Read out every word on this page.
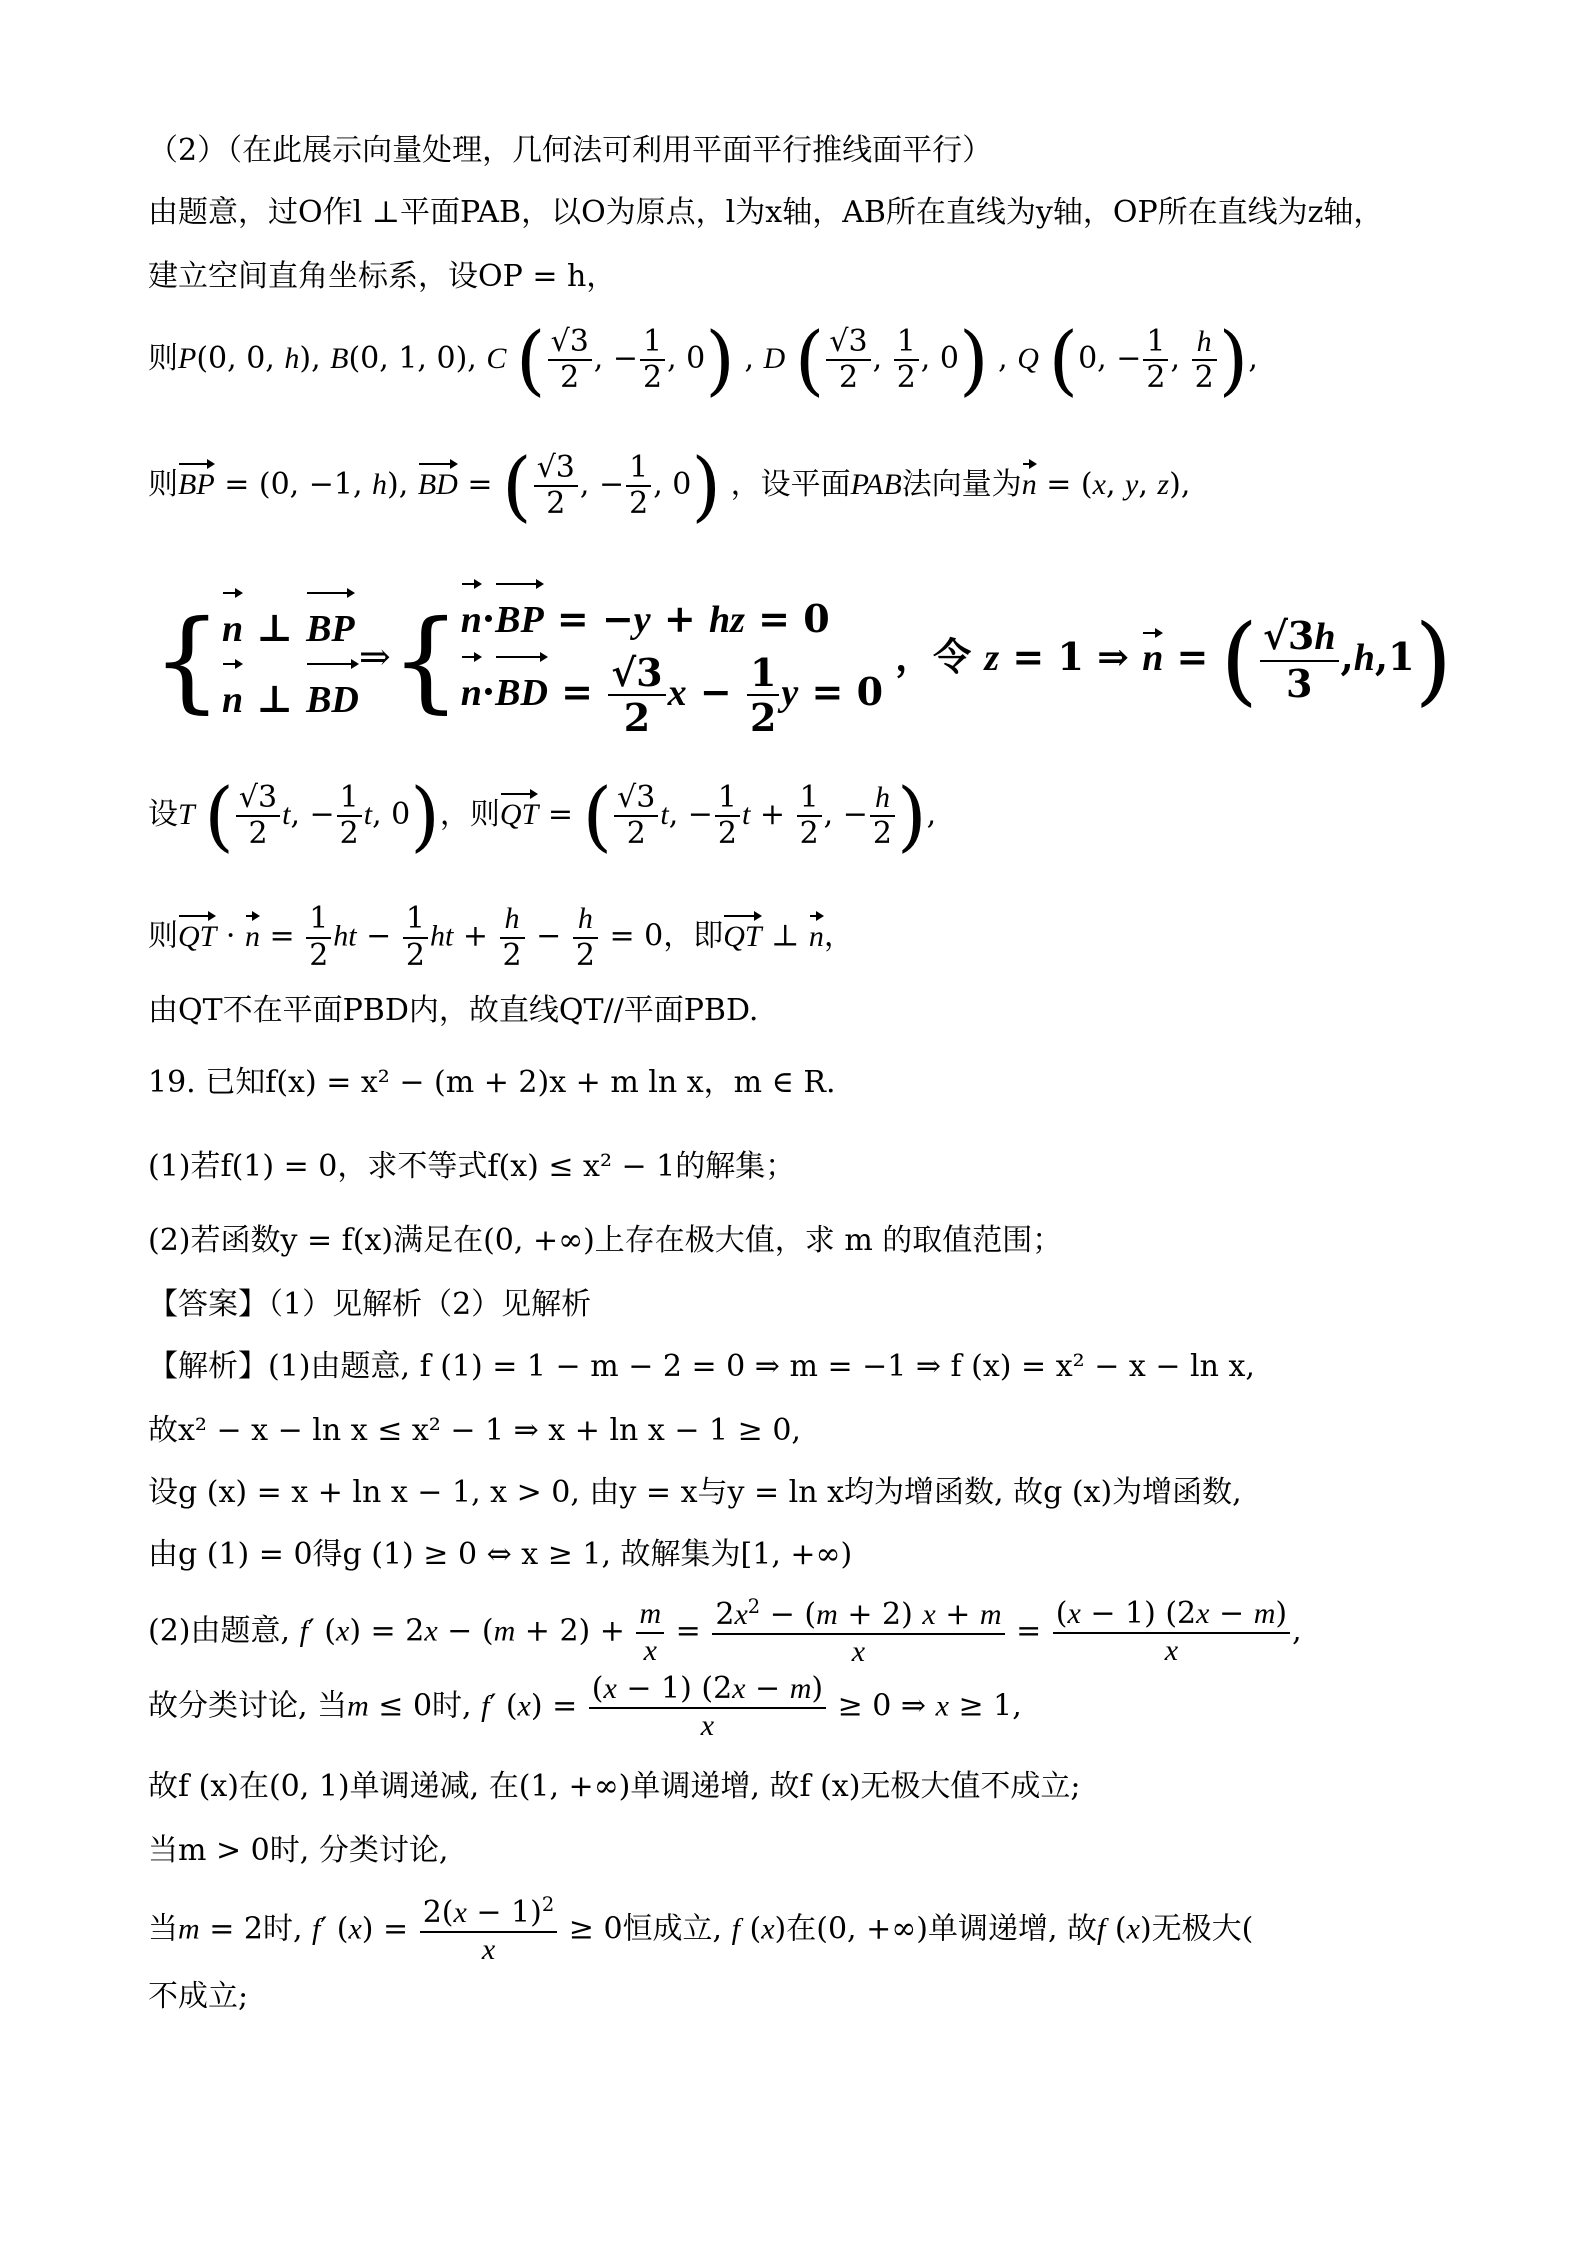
（2）（在此展示向量处理，几何法可利用平面平行推线面平行）
由题意，过O作l ⊥平面PAB，以O为原点，l为x轴，AB所在直线为y轴，OP所在直线为z轴，
建立空间直角坐标系，设OP = h，
则P(0, 0, h), B(0, 1, 0), C ( $\frac{√3}{2}$ , − $\frac{1}{2}$ , 0) , D ( $\frac{√3}{2}$ , $\frac{1}{2}$ , 0) , Q (0, − $\frac{1}{2}$ , $\frac{h}{2}$ ),
则BP = (0, −1, h), BD = ( $\frac{√3}{2}$ , − $\frac{1}{2}$ , 0) ，设平面PAB法向量为n = (x, y, z),
{ n ⊥ BP
n ⊥ BD
⇒{ n·BP = −y + hz = 0
$n\cdot BD = \frac{√3}{2}$ $x - \frac{1}{2}$ y = 0
，令 z = 1 ⇒ n = ( $\frac{√3h}{3} ,h,1$)
设T ( $\frac{√3}{2} t$, − $\frac{1}{2} t$, 0)，则QT = ( $\frac{√3}{2} t$, − $\frac{1}{2}$ $t + \frac{1}{2}$ , − $\frac{h}{2}$ ),
则QT · $n = \frac{1}{2}$ ht − $\frac{1}{2}$ ht + $\frac{h}{2} - \frac{h}{2} = 0$，即QT ⊥ n，
由QT不在平面PBD内，故直线QT//平面PBD.
19. 已知f(x) = x² − (m + 2)x + m ln x，m ∈ R.
(1)若f(1) = 0，求不等式f(x) ≤ x² − 1的解集；
(2)若函数y = f(x)满足在(0, +∞)上存在极大值，求 m 的取值范围；
【答案】（1）见解析（2）见解析
【解析】(1)由题意, f (1) = 1 − m − 2 = 0 ⇒ m = −1 ⇒ f (x) = x² − x − ln x,
故x² − x − ln x ≤ x² − 1 ⇒ x + ln x − 1 ≥ 0,
设g (x) = x + ln x − 1, x > 0, 由y = x与y = ln x均为增函数, 故g (x)为增函数,
由g (1) = 0得g (1) ≥ 0 ⇔ x ≥ 1, 故解集为[1, +∞)
(2)由题意, f′ $(x) = 2x - (m + 2) + \frac{m}{x} = \frac{2x^2 - (m + 2) x + m}{x} = \frac{(x - 1) (2x - m)}{x}$ ,
故分类讨论, 当m ≤ 0时, f′ $(x) = \frac{(x - 1) (2x - m)}{x} \ge 0$ ⇒ x ≥ 1,
故f (x)在(0, 1)单调递减, 在(1, +∞)单调递增, 故f (x)无极大值不成立;
当m > 0时, 分类讨论,
当m = 2时, f′ $(x) = \frac{2(x - 1)^2}{x} \ge 0$恒成立, f (x)在(0, +∞)单调递增, 故f (x)无极大(
不成立;
